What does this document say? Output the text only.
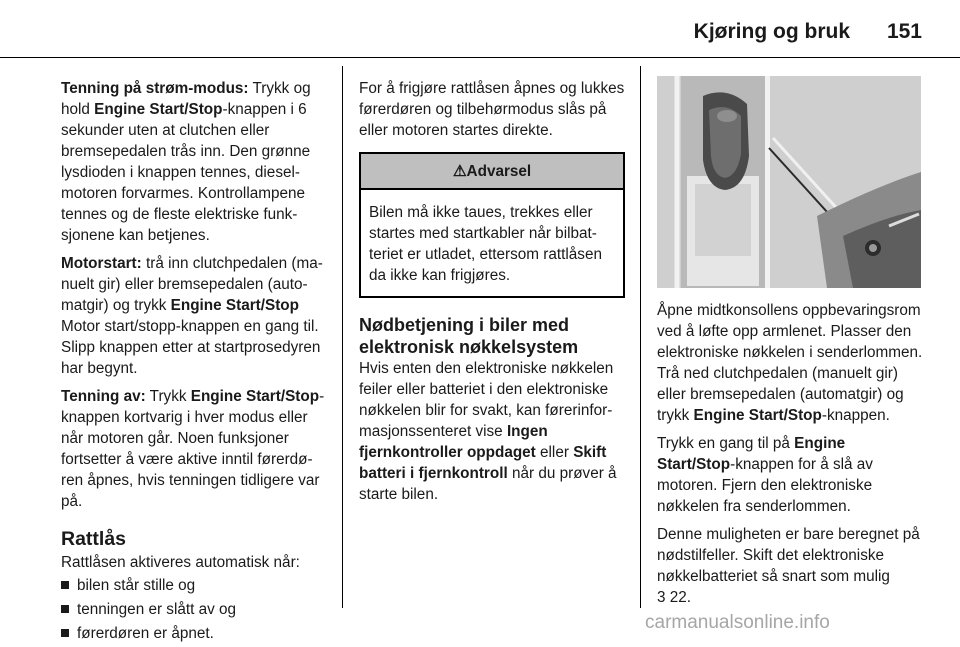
Kjøring og bruk	151

Tenning på strøm-modus: Trykk og hold Engine Start/Stop-knappen i 6 sekunder uten at clutchen eller bremsepedalen trås inn. Den grønne lysdioden i knappen tennes, dieselmotoren forvarmes. Kontrollampene tennes og de fleste elektriske funksjonene kan betjenes.

Motorstart: trå inn clutchpedalen (manuelt gir) eller bremsepedalen (automatgir) og trykk Engine Start/Stop Motor start/stopp-knappen en gang til. Slipp knappen etter at startprosedyren har begynt.

Tenning av: Trykk Engine Start/Stop-knappen kortvarig i hver modus eller når motoren går. Noen funksjoner fortsetter å være aktive inntil førerdøren åpnes, hvis tenningen tidligere var på.

Rattlås
Rattlåsen aktiveres automatisk når:
bilen står stille og
tenningen er slått av og
førerdøren er åpnet.

For å frigjøre rattlåsen åpnes og lukkes førerdøren og tilbehørmodus slås på eller motoren startes direkte.

⚠Advarsel
Bilen må ikke taues, trekkes eller startes med startkabler når bilbatteriet er utladet, ettersom rattlåsen da ikke kan frigjøres.
Nødbetjening i biler med elektronisk nøkkelsystem

Hvis enten den elektroniske nøkkelen feiler eller batteriet i den elektroniske nøkkelen blir for svakt, kan førerinformasjonssenteret vise Ingen fjernkontroller oppdaget eller Skift batteri i fjernkontroll når du prøver å starte bilen.

Åpne midtkonsollens oppbevaringsrom ved å løfte opp armlenet. Plasser den elektroniske nøkkelen i senderlommen. Trå ned clutchpedalen (manuelt gir) eller bremsepedalen (automatgir) og trykk Engine Start/Stop-knappen.

Trykk en gang til på Engine Start/Stop-knappen for å slå av motoren. Fjern den elektroniske nøkkelen fra senderlommen.

Denne muligheten er bare beregnet på nødstilfeller. Skift det elektroniske nøkkelbatteriet så snart som mulig
3 22.

carmanualsonline.info
